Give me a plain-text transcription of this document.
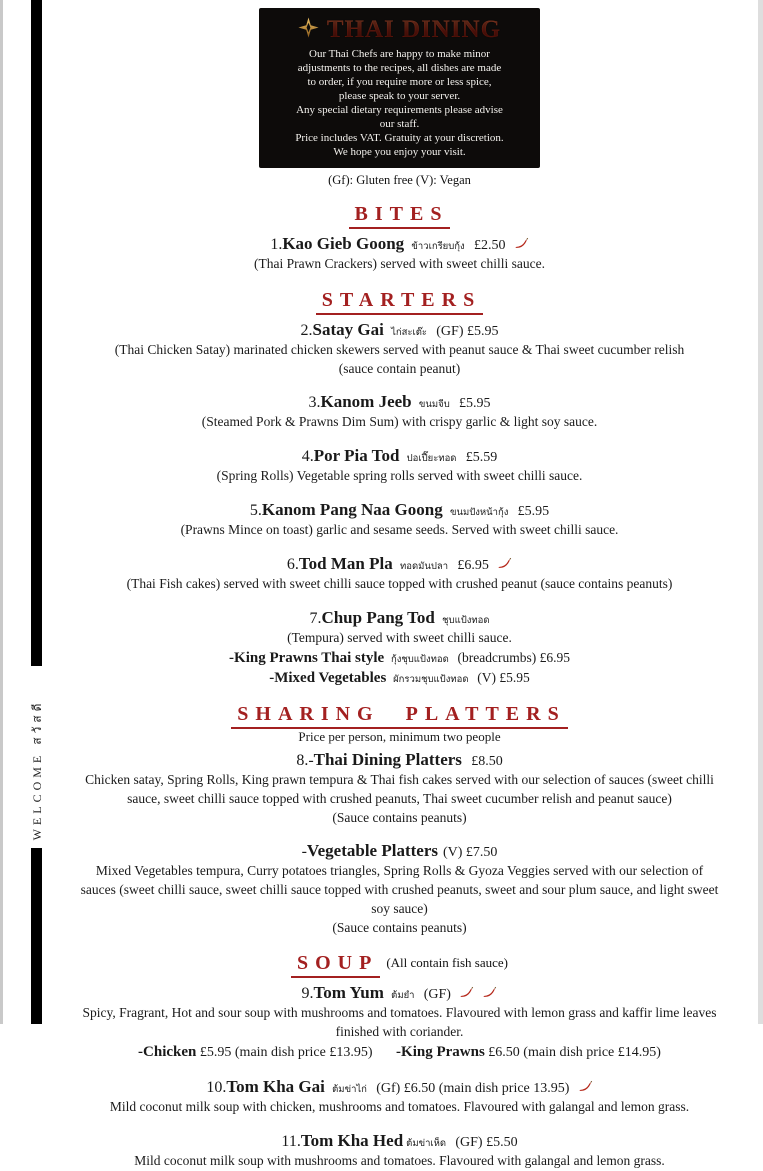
WELCOME สวัสดี
THAI DINING
Our Thai Chefs are happy to make minor
adjustments to the recipes, all dishes are made
to order, if you require more or less spice,
please speak to your server.
Any special dietary requirements please advise
our staff.
Price includes VAT. Gratuity at your discretion.
We hope you enjoy your visit.
(Gf): Gluten free (V): Vegan
BITES
1.Kao Gieb Goong ข้าวเกรียบกุ้ง £2.50
(Thai Prawn Crackers) served with sweet chilli sauce.
STARTERS
2.Satay Gai ไก่สะเต๊ะ (GF) £5.95
(Thai Chicken Satay) marinated chicken skewers served with peanut sauce & Thai sweet cucumber relish
(sauce contain peanut)
3.Kanom Jeeb ขนมจีบ £5.95
(Steamed Pork & Prawns Dim Sum) with crispy garlic & light soy sauce.
4.Por Pia Tod ปอเปี๊ยะทอด £5.59
(Spring Rolls) Vegetable spring rolls served with sweet chilli sauce.
5.Kanom Pang Naa Goong ขนมปังหน้ากุ้ง £5.95
(Prawns Mince on toast) garlic and sesame seeds. Served with sweet chilli sauce.
6.Tod Man Pla ทอดมันปลา £6.95
(Thai Fish cakes) served with sweet chilli sauce topped with crushed peanut (sauce contains peanuts)
7.Chup Pang Tod ชุบแป้งทอด
(Tempura) served with sweet chilli sauce.
-King Prawns Thai style กุ้งชุบแป้งทอด (breadcrumbs) £6.95
-Mixed Vegetables ผักรวมชุบแป้งทอด (V) £5.95
SHARING PLATTERS
Price per person, minimum two people
8.-Thai Dining Platters £8.50
Chicken satay, Spring Rolls, King prawn tempura & Thai fish cakes served with our selection of sauces (sweet chilli sauce, sweet chilli sauce topped with crushed peanuts, Thai sweet cucumber relish and peanut sauce)
(Sauce contains peanuts)
-Vegetable Platters (V) £7.50
Mixed Vegetables tempura, Curry potatoes triangles, Spring Rolls & Gyoza Veggies served with our selection of sauces (sweet chilli sauce, sweet chilli sauce topped with crushed peanuts, sweet and sour plum sauce, and light sweet soy sauce)
(Sauce contains peanuts)
SOUP (All contain fish sauce)
9.Tom Yum ต้มยำ (GF)
Spicy, Fragrant, Hot and sour soup with mushrooms and tomatoes. Flavoured with lemon grass and kaffir lime leaves finished with coriander.
-Chicken £5.95 (main dish price £13.95) -King Prawns £6.50 (main dish price £14.95)
10.Tom Kha Gai ต้มข่าไก่ (Gf) £6.50 (main dish price 13.95)
Mild coconut milk soup with chicken, mushrooms and tomatoes. Flavoured with galangal and lemon grass.
11.Tom Kha Hed ต้มข่าเห็ด (GF) £5.50
Mild coconut milk soup with mushrooms and tomatoes. Flavoured with galangal and lemon grass.
